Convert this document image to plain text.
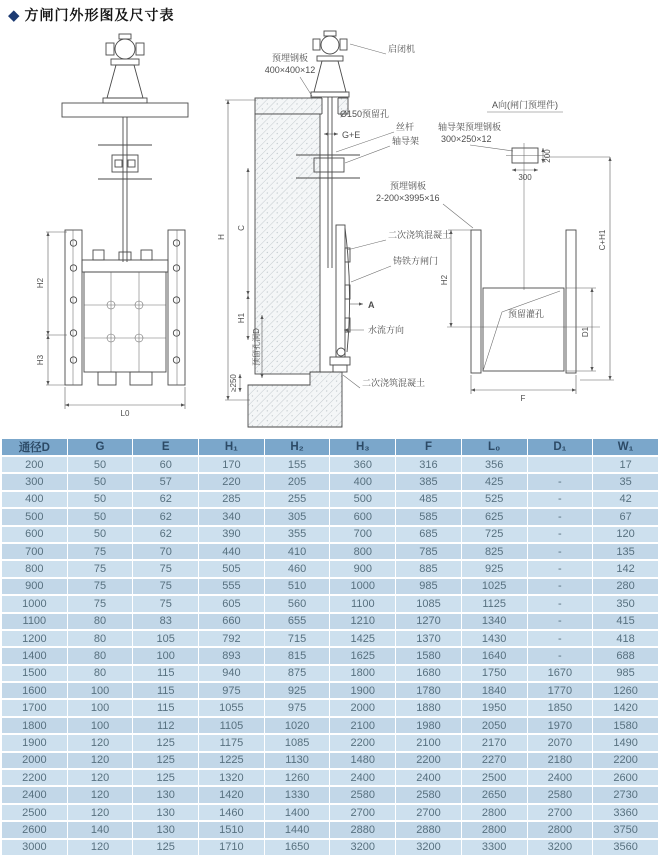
◆ 方闸门外形图及尺寸表
H2
H3
L0
预埋钢板
400×400×12
启闭机
Ø150预留孔
G+E
丝杆
轴导架
二次浇筑混凝土
铸铁方闸门
A
水流方向
二次浇筑混凝土
H
C
H1
预留孔洞D
≥250
A向(闸门预埋件)
轴导架预埋钢板
300×250×12
300
200
预埋钢板
2-200×3995×16
预留灌孔
H2
C+H1
D1
F
通径D	G	E	H₁	H₂	H₃	F	L₀	D₁	W₁
200	50	60	170	155	360	316	356		17
300	50	57	220	205	400	385	425	-	35
400	50	62	285	255	500	485	525	-	42
500	50	62	340	305	600	585	625	-	67
600	50	62	390	355	700	685	725	-	120
700	75	70	440	410	800	785	825	-	135
800	75	75	505	460	900	885	925	-	142
900	75	75	555	510	1000	985	1025	-	280
1000	75	75	605	560	1100	1085	1125	-	350
1100	80	83	660	655	1210	1270	1340	-	415
1200	80	105	792	715	1425	1370	1430	-	418
1400	80	100	893	815	1625	1580	1640	-	688
1500	80	115	940	875	1800	1680	1750	1670	985
1600	100	115	975	925	1900	1780	1840	1770	1260
1700	100	115	1055	975	2000	1880	1950	1850	1420
1800	100	112	1105	1020	2100	1980	2050	1970	1580
1900	120	125	1175	1085	2200	2100	2170	2070	1490
2000	120	125	1225	1130	1480	2200	2270	2180	2200
2200	120	125	1320	1260	2400	2400	2500	2400	2600
2400	120	130	1420	1330	2580	2580	2650	2580	2730
2500	120	130	1460	1400	2700	2700	2800	2700	3360
2600	140	130	1510	1440	2880	2880	2800	2800	3750
3000	120	125	1710	1650	3200	3200	3300	3200	3560
